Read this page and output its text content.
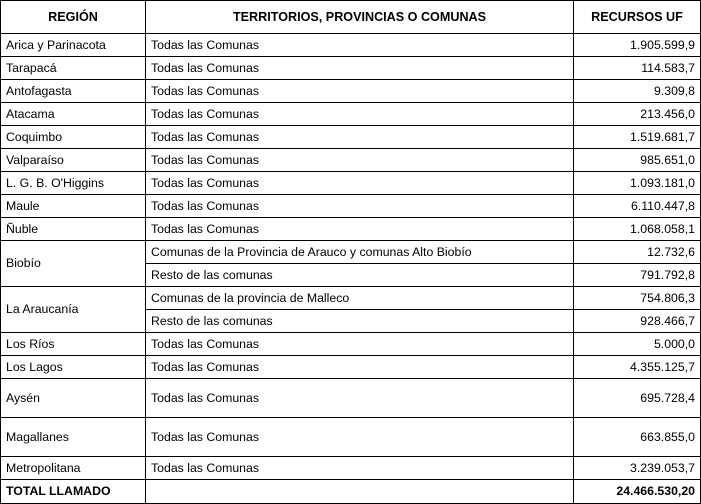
REGIÓN	TERRITORIOS, PROVINCIAS O COMUNAS	RECURSOS UF
Arica y Parinacota	Todas las Comunas	1.905.599,9
Tarapacá	Todas las Comunas	114.583,7
Antofagasta	Todas las Comunas	9.309,8
Atacama	Todas las Comunas	213.456,0
Coquimbo	Todas las Comunas	1.519.681,7
Valparaíso	Todas las Comunas	985.651,0
L. G. B. O'Higgins	Todas las Comunas	1.093.181,0
Maule	Todas las Comunas	6.110.447,8
Ñuble	Todas las Comunas	1.068.058,1
Biobío	Comunas de la Provincia de Arauco y comunas Alto Biobío	12.732,6
	Resto de las comunas	791.792,8
La Araucanía	Comunas de la provincia de Malleco	754.806,3
	Resto de las comunas	928.466,7
Los Ríos	Todas las Comunas	5.000,0
Los Lagos	Todas las Comunas	4.355.125,7
Aysén	Todas las Comunas	695.728,4
Magallanes	Todas las Comunas	663.855,0
Metropolitana	Todas las Comunas	3.239.053,7
TOTAL LLAMADO		24.466.530,20
